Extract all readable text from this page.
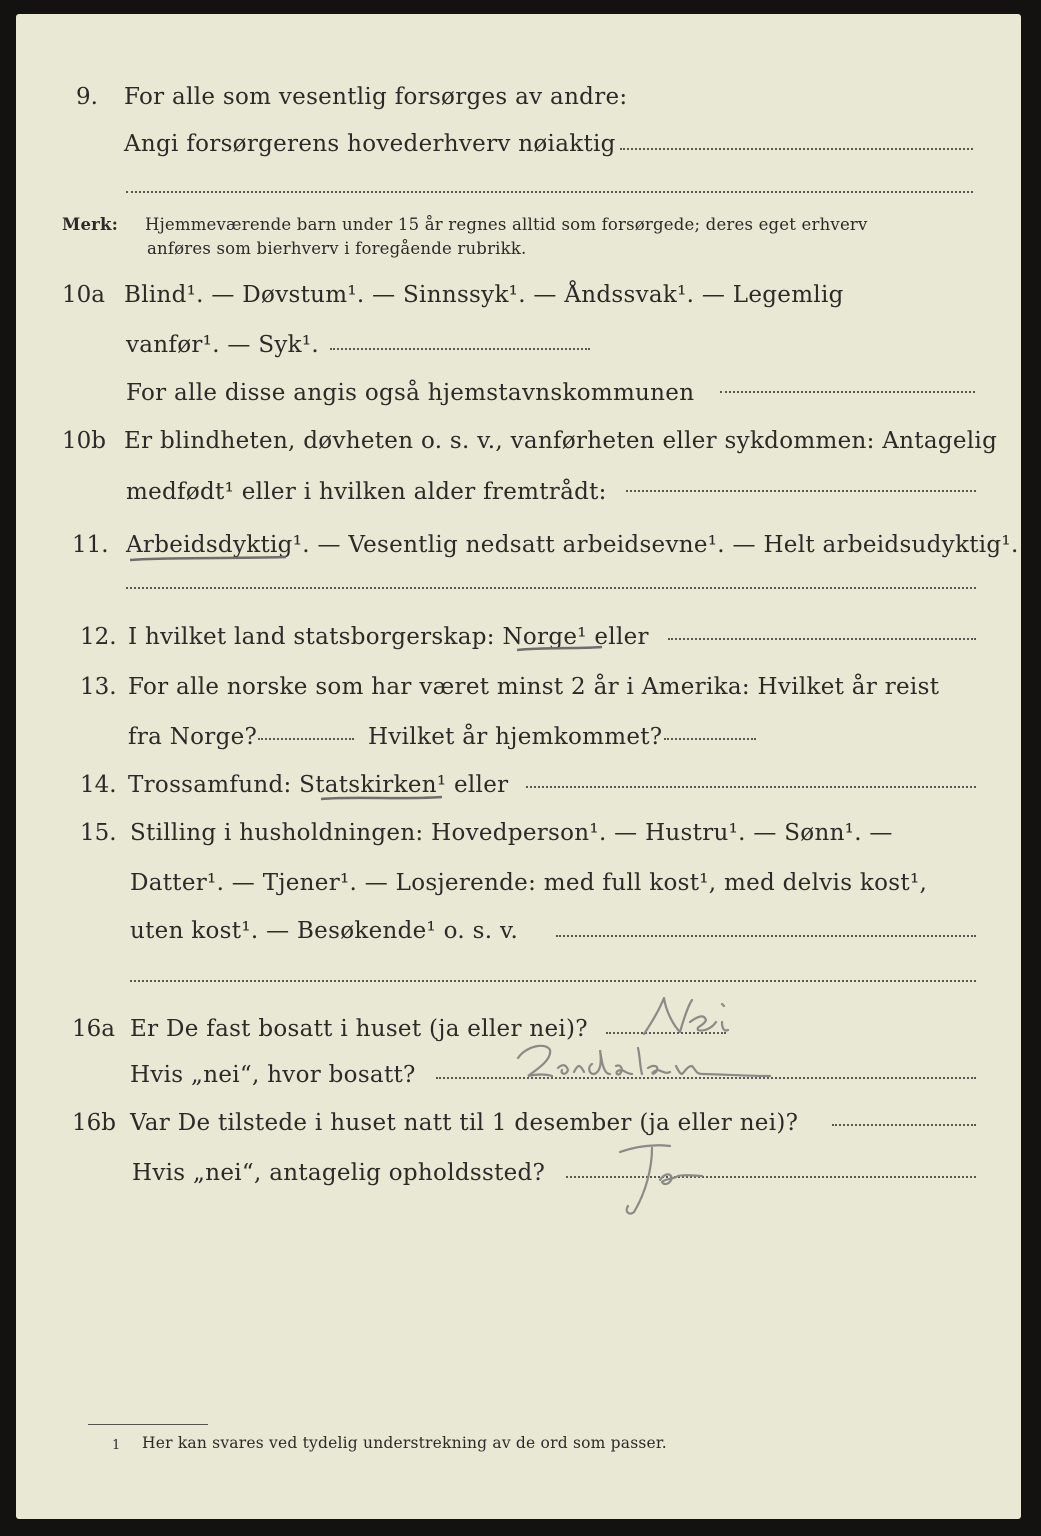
9. For alle som vesentlig forsørges av andre:
Angi forsørgerens hovederhverv nøiaktig
Merk: Hjemmeværende barn under 15 år regnes alltid som forsørgede; deres eget erhverv
anføres som bierhverv i foregående rubrikk.
10a Blind¹. — Døvstum¹. — Sinnssyk¹. — Åndssvak¹. — Legemlig
vanfør¹. — Syk¹.
For alle disse angis også hjemstavnskommunen
10b Er blindheten, døvheten o. s. v., vanførheten eller sykdommen: Antagelig
medfødt¹ eller i hvilken alder fremtrådt:
11. Arbeidsdyktig¹. — Vesentlig nedsatt arbeidsevne¹. — Helt arbeidsudyktig¹.
12. I hvilket land statsborgerskap: Norge¹ eller
13. For alle norske som har været minst 2 år i Amerika: Hvilket år reist
fra Norge?	Hvilket år hjemkommet?
14. Trossamfund: Statskirken¹ eller
15. Stilling i husholdningen: Hovedperson¹. — Hustru¹. — Sønn¹. —
Datter¹. — Tjener¹. — Losjerende: med full kost¹, med delvis kost¹,
uten kost¹. — Besøkende¹ o. s. v.
16a Er De fast bosatt i huset (ja eller nei)?
Hvis „nei“, hvor bosatt?
16b Var De tilstede i huset natt til 1 desember (ja eller nei)?
Hvis „nei“, antagelig opholdssted?
1 Her kan svares ved tydelig understrekning av de ord som passer.
